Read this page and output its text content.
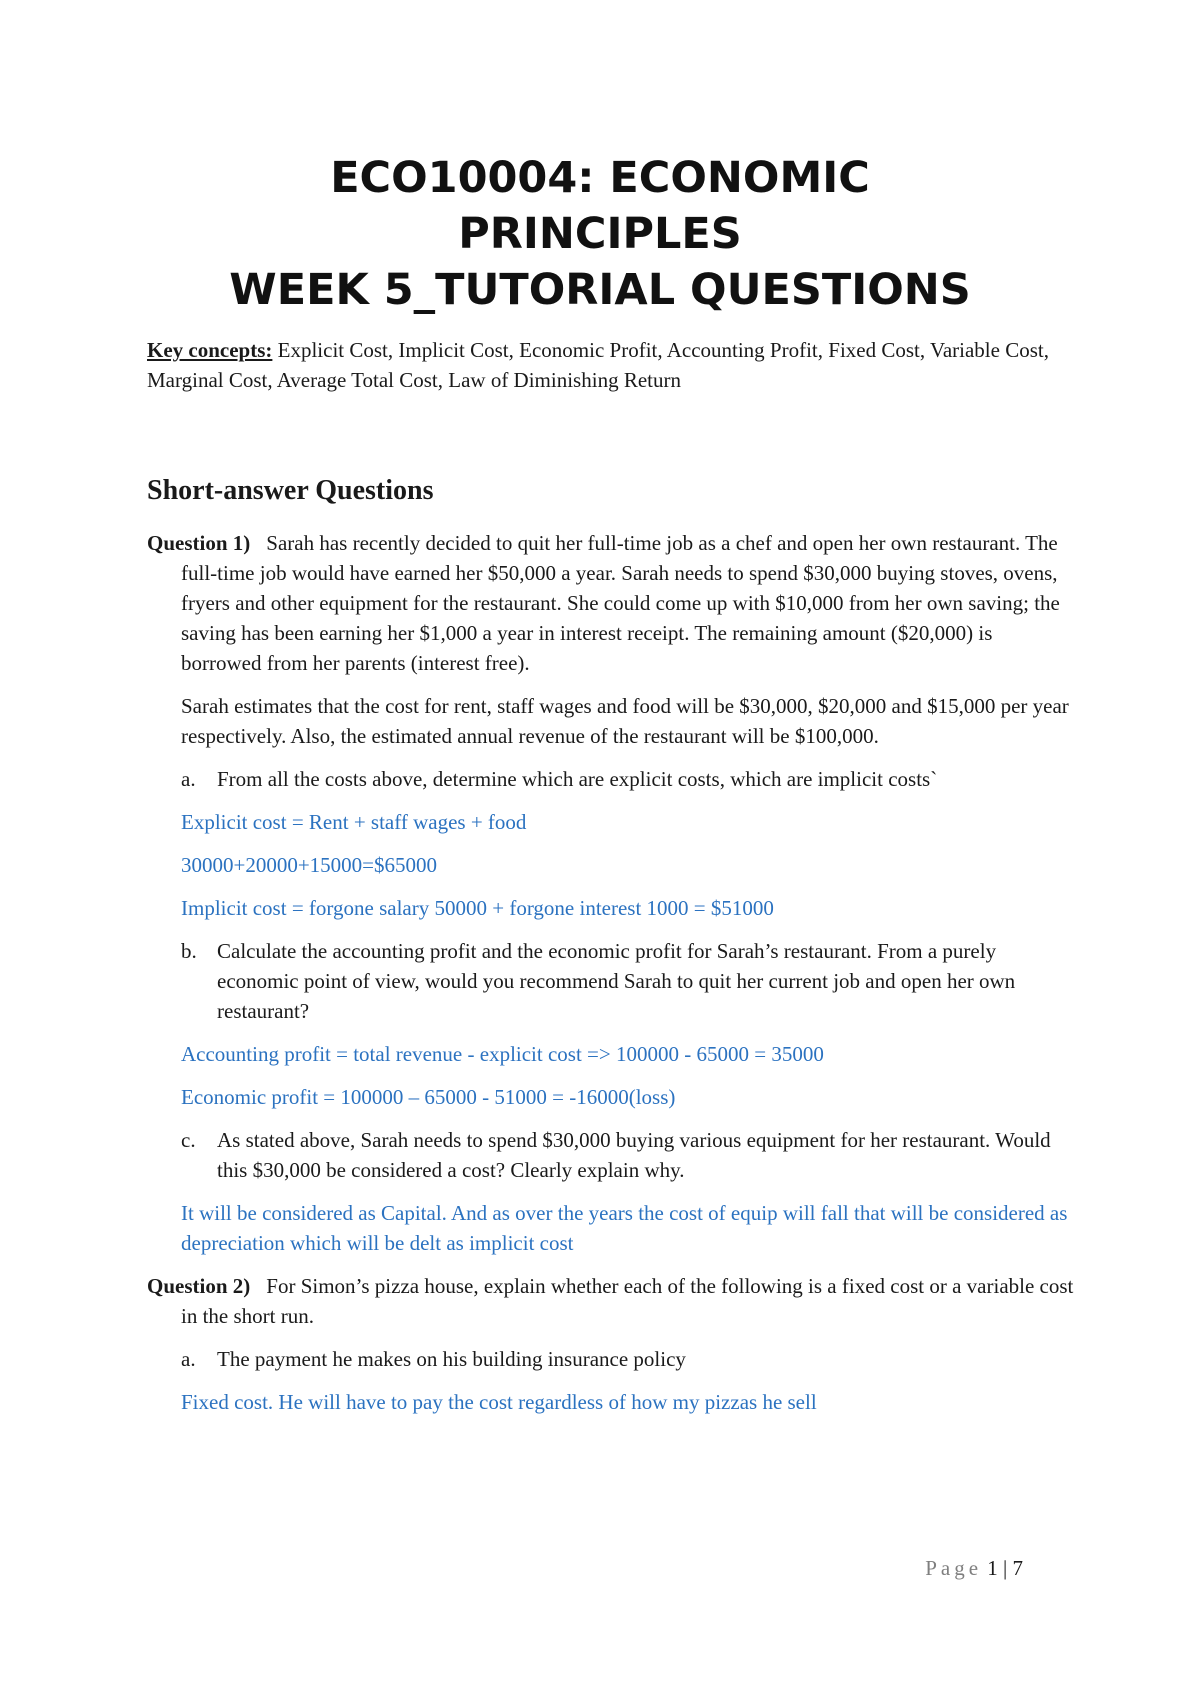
ECO10004: ECONOMIC
PRINCIPLES
WEEK 5_TUTORIAL QUESTIONS

Key concepts: Explicit Cost, Implicit Cost, Economic Profit, Accounting Profit, Fixed Cost, Variable Cost, Marginal Cost, Average Total Cost, Law of Diminishing Return

Short-answer Questions

Question 1) Sarah has recently decided to quit her full-time job as a chef and open her own restaurant. The full-time job would have earned her $50,000 a year. Sarah needs to spend $30,000 buying stoves, ovens, fryers and other equipment for the restaurant. She could come up with $10,000 from her own saving; the saving has been earning her $1,000 a year in interest receipt. The remaining amount ($20,000) is borrowed from her parents (interest free).

Sarah estimates that the cost for rent, staff wages and food will be $30,000, $20,000 and $15,000 per year respectively. Also, the estimated annual revenue of the restaurant will be $100,000.

a. From all the costs above, determine which are explicit costs, which are implicit costs`

Explicit cost = Rent + staff wages + food

30000+20000+15000=$65000

Implicit cost = forgone salary 50000 + forgone interest 1000 = $51000

b. Calculate the accounting profit and the economic profit for Sarah’s restaurant. From a purely economic point of view, would you recommend Sarah to quit her current job and open her own restaurant?

Accounting profit = total revenue - explicit cost => 100000 - 65000 = 35000

Economic profit = 100000 – 65000 - 51000 = -16000(loss)

c. As stated above, Sarah needs to spend $30,000 buying various equipment for her restaurant. Would this $30,000 be considered a cost? Clearly explain why.

It will be considered as Capital. And as over the years the cost of equip will fall that will be considered as depreciation which will be delt as implicit cost

Question 2) For Simon’s pizza house, explain whether each of the following is a fixed cost or a variable cost in the short run.

a. The payment he makes on his building insurance policy

Fixed cost. He will have to pay the cost regardless of how my pizzas he sell

Page 1 | 7
